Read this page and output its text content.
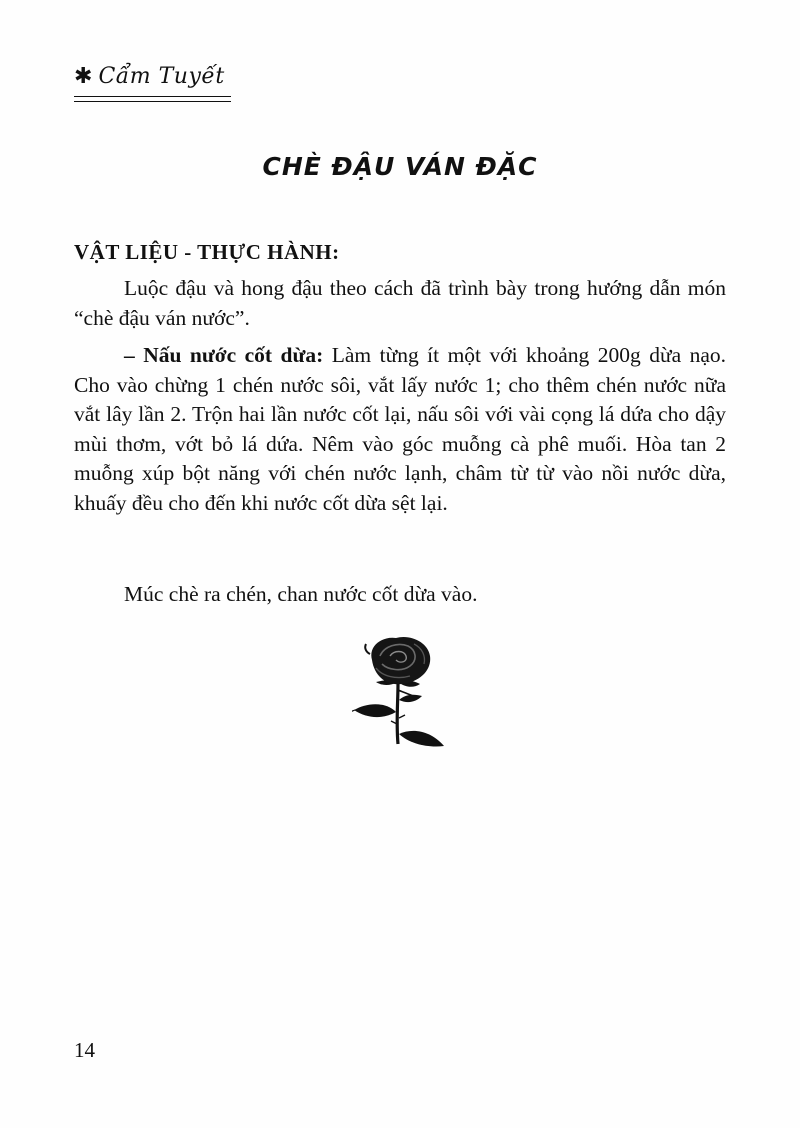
✱ Cẩm Tuyết
CHÈ ĐẬU VÁN ĐẶC
VẬT LIỆU - THỰC HÀNH:

Luộc đậu và hong đậu theo cách đã trình bày trong hướng dẫn món “chè đậu ván nước”.

– Nấu nước cốt dừa: Làm từng ít một với khoảng 200g dừa nạo. Cho vào chừng 1 chén nước sôi, vắt lấy nước 1; cho thêm chén nước nữa vắt lây lần 2. Trộn hai lần nước cốt lại, nấu sôi với vài cọng lá dứa cho dậy mùi thơm, vớt bỏ lá dứa. Nêm vào góc muỗng cà phê muối. Hòa tan 2 muỗng xúp bột năng với chén nước lạnh, châm từ từ vào nồi nước dừa, khuấy đều cho đến khi nước cốt dừa sệt lại.

Múc chè ra chén, chan nước cốt dừa vào.

14
